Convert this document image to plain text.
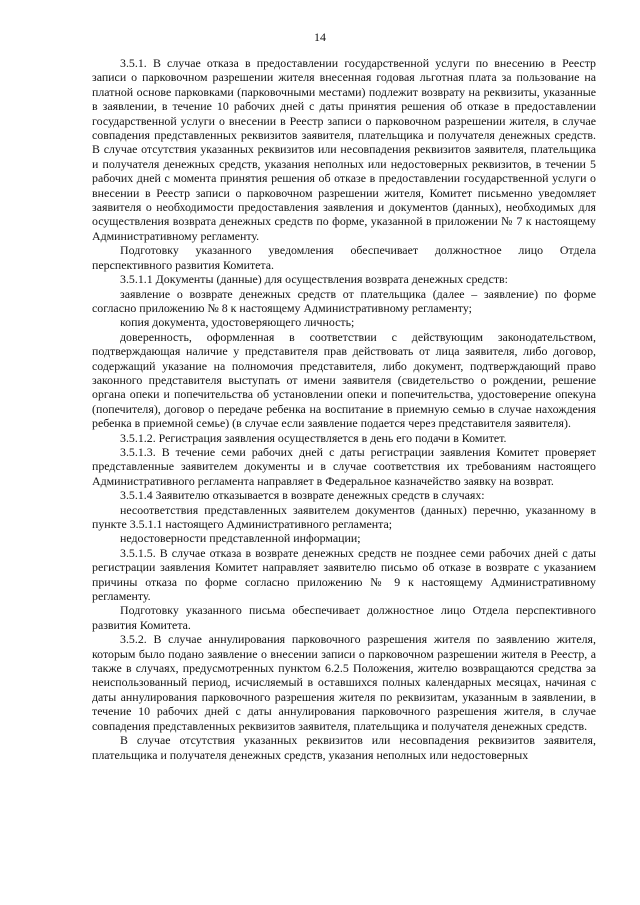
14

3.5.1. В случае отказа в предоставлении государственной услуги по внесению в Реестр записи о парковочном разрешении жителя внесенная годовая льготная плата за пользование на платной основе парковками (парковочными местами) подлежит возврату на реквизиты, указанные в заявлении, в течение 10 рабочих дней с даты принятия решения об отказе в предоставлении государственной услуги о внесении в Реестр записи о парковочном разрешении жителя, в случае совпадения представленных реквизитов заявителя, плательщика и получателя денежных средств. В случае отсутствия указанных реквизитов или несовпадения реквизитов заявителя, плательщика и получателя денежных средств, указания неполных или недостоверных реквизитов, в течении 5 рабочих дней с момента принятия решения об отказе в предоставлении государственной услуги о внесении в Реестр записи о парковочном разрешении жителя, Комитет письменно уведомляет заявителя о необходимости предоставления заявления и документов (данных), необходимых для осуществления возврата денежных средств по форме, указанной в приложении № 7 к настоящему Административному регламенту.

Подготовку указанного уведомления обеспечивает должностное лицо Отдела перспективного развития Комитета.

3.5.1.1 Документы (данные) для осуществления возврата денежных средств:

заявление о возврате денежных средств от плательщика (далее – заявление) по форме согласно приложению № 8 к настоящему Административному регламенту;

копия документа, удостоверяющего личность;

доверенность, оформленная в соответствии с действующим законодательством, подтверждающая наличие у представителя прав действовать от лица заявителя, либо договор, содержащий указание на полномочия представителя, либо документ, подтверждающий право законного представителя выступать от имени заявителя (свидетельство о рождении, решение органа опеки и попечительства об установлении опеки и попечительства, удостоверение опекуна (попечителя), договор о передаче ребенка на воспитание в приемную семью в случае нахождения ребенка в приемной семье) (в случае если заявление подается через представителя заявителя).

3.5.1.2. Регистрация заявления осуществляется в день его подачи в Комитет.

3.5.1.3. В течение семи рабочих дней с даты регистрации заявления Комитет проверяет представленные заявителем документы и в случае соответствия их требованиям настоящего Административного регламента направляет в Федеральное казначейство заявку на возврат.

3.5.1.4 Заявителю отказывается в возврате денежных средств в случаях:

несоответствия представленных заявителем документов (данных) перечню, указанному в пункте 3.5.1.1 настоящего Административного регламента;

недостоверности представленной информации;

3.5.1.5. В случае отказа в возврате денежных средств не позднее семи рабочих дней с даты регистрации заявления Комитет направляет заявителю письмо об отказе в возврате с указанием причины отказа по форме согласно приложению № 9 к настоящему Административному регламенту.

Подготовку указанного письма обеспечивает должностное лицо Отдела перспективного развития Комитета.

3.5.2. В случае аннулирования парковочного разрешения жителя по заявлению жителя, которым было подано заявление о внесении записи о парковочном разрешении жителя в Реестр, а также в случаях, предусмотренных пунктом 6.2.5 Положения, жителю возвращаются средства за неиспользованный период, исчисляемый в оставшихся полных календарных месяцах, начиная с даты аннулирования парковочного разрешения жителя по реквизитам, указанным в заявлении, в течение 10 рабочих дней с даты аннулирования парковочного разрешения жителя, в случае совпадения представленных реквизитов заявителя, плательщика и получателя денежных средств.

В случае отсутствия указанных реквизитов или несовпадения реквизитов заявителя, плательщика и получателя денежных средств, указания неполных или недостоверных
